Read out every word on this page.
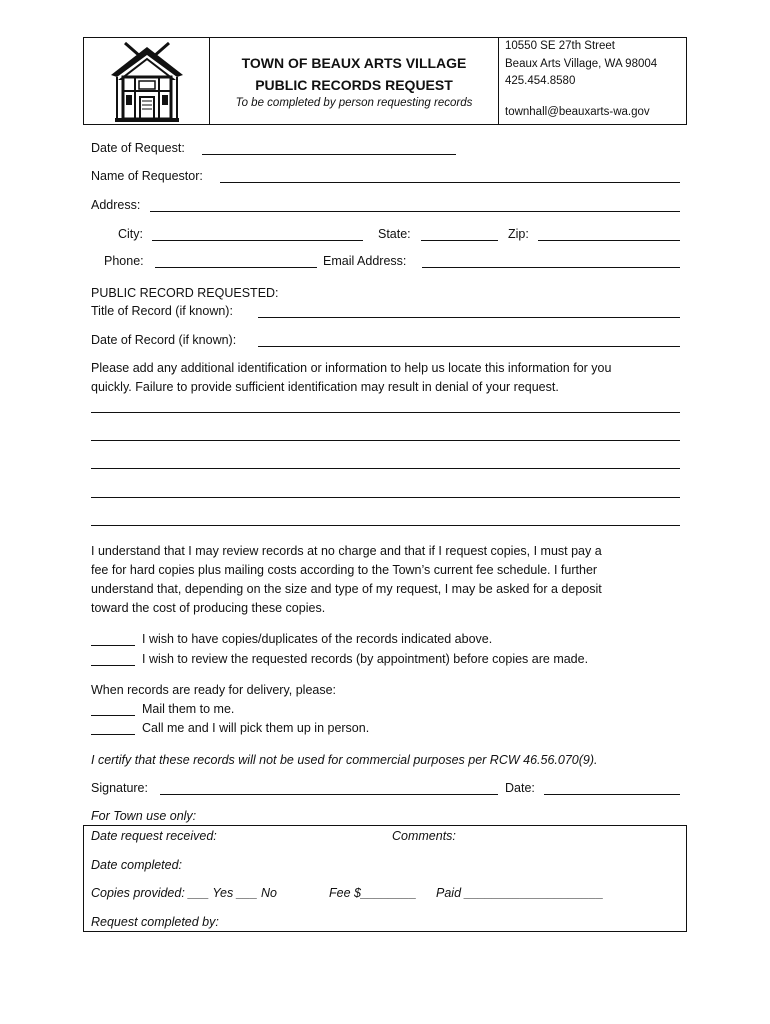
TOWN OF BEAUX ARTS VILLAGE
PUBLIC RECORDS REQUEST
To be completed by person requesting records
10550 SE 27th Street
Beaux Arts Village, WA 98004
425.454.8580
townhall@beauxarts-wa.gov
Date of Request:
Name of Requestor:
Address:
City:	State:	Zip:
Phone:	Email Address:
PUBLIC RECORD REQUESTED:
Title of Record (if known):
Date of Record (if known):
Please add any additional identification or information to help us locate this information for you
quickly. Failure to provide sufficient identification may result in denial of your request.
I understand that I may review records at no charge and that if I request copies, I must pay a
fee for hard copies plus mailing costs according to the Town’s current fee schedule. I further
understand that, depending on the size and type of my request, I may be asked for a deposit
toward the cost of producing these copies.
I wish to have copies/duplicates of the records indicated above.
I wish to review the requested records (by appointment) before copies are made.
When records are ready for delivery, please:
Mail them to me.
Call me and I will pick them up in person.
I certify that these records will not be used for commercial purposes per RCW 46.56.070(9).
Signature:	Date:
For Town use only:
Date request received:	Comments:
Date completed:
Copies provided: ___ Yes ___ No	Fee $________ Paid ____________________
Request completed by:
